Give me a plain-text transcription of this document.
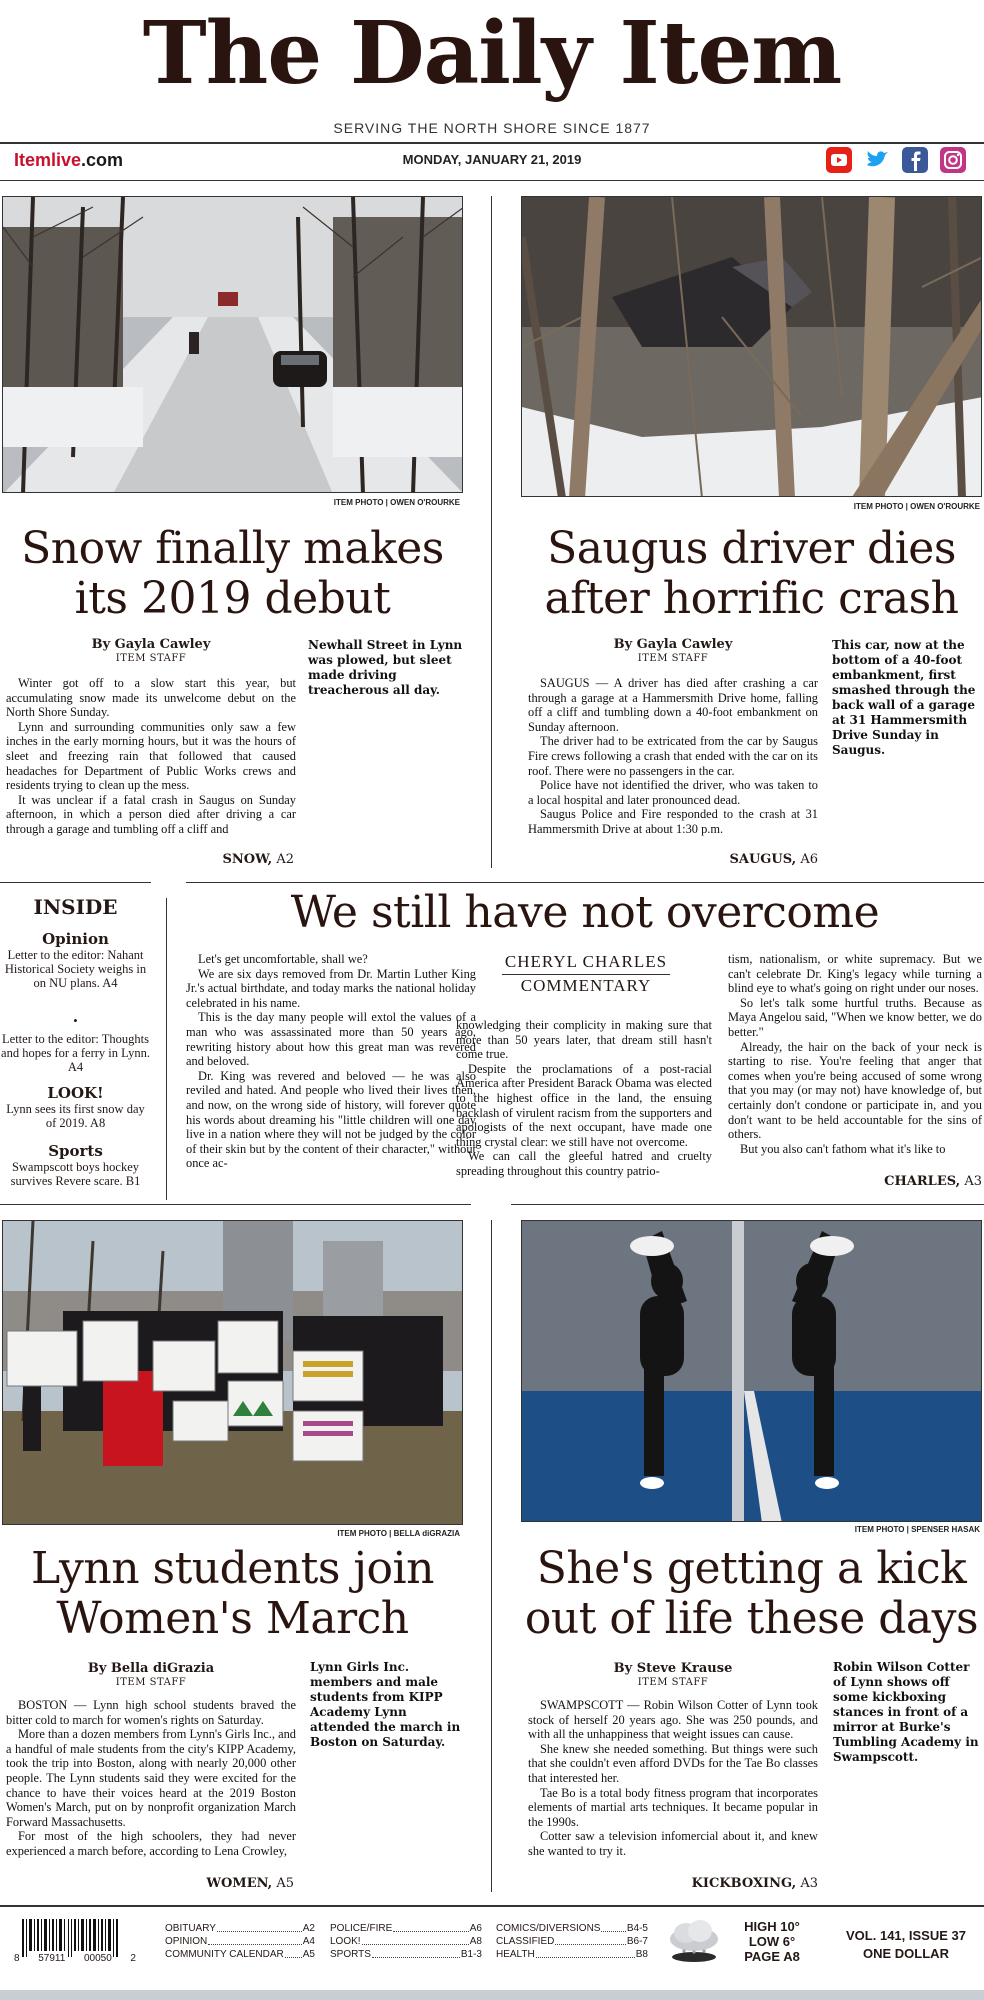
The Daily Item
SERVING THE NORTH SHORE SINCE 1877
Itemlive.com	MONDAY, JANUARY 21, 2019
ITEM PHOTO | OWEN O'ROURKE
Snow finally makes
its 2019 debut
By Gayla Cawley
ITEM STAFF

Winter got off to a slow start this year, but accumulating snow made its unwelcome debut on the North Shore Sunday.

Lynn and surrounding communities only saw a few inches in the early morning hours, but it was the hours of sleet and freezing rain that followed that caused headaches for Department of Public Works crews and residents trying to clean up the mess.

It was unclear if a fatal crash in Saugus on Sunday afternoon, in which a person died after driving a car through a garage and tumbling off a cliff and

Newhall Street in Lynn was plowed, but sleet made driving treacherous all day.
SNOW, A2
ITEM PHOTO | OWEN O'ROURKE
Saugus driver dies
after horrific crash
By Gayla Cawley
ITEM STAFF

SAUGUS — A driver has died after crashing a car through a garage at a Hammersmith Drive home, falling off a cliff and tumbling down a 40-foot embankment on Sunday afternoon.

The driver had to be extricated from the car by Saugus Fire crews following a crash that ended with the car on its roof. There were no passengers in the car.

Police have not identified the driver, who was taken to a local hospital and later pronounced dead.

Saugus Police and Fire responded to the crash at 31 Hammersmith Drive at about 1:30 p.m.

This car, now at the bottom of a 40-foot embankment, first smashed through the back wall of a garage at 31 Hammersmith Drive Sunday in Saugus.
SAUGUS, A6
INSIDE
Opinion
Letter to the editor: Nahant Historical Society weighs in on NU plans. A4
•
Letter to the editor: Thoughts and hopes for a ferry in Lynn. A4
LOOK!
Lynn sees its first snow day of 2019. A8
Sports
Swampscott boys hockey survives Revere scare. B1
We still have not overcome

Let's get uncomfortable, shall we?

We are six days removed from Dr. Martin Luther King Jr.'s actual birthdate, and today marks the national holiday celebrated in his name.

This is the day many people will extol the values of a man who was assassinated more than 50 years ago, rewriting history about how this great man was revered and beloved.

Dr. King was revered and beloved — he was also reviled and hated. And people who lived their lives then, and now, on the wrong side of history, will forever quote his words about dreaming his "little children will one day live in a nation where they will not be judged by the color of their skin but by the content of their character," without once ac-

CHERYL CHARLES
COMMENTARY

knowledging their complicity in making sure that more than 50 years later, that dream still hasn't come true.

Despite the proclamations of a post-racial America after President Barack Obama was elected to the highest office in the land, the ensuing backlash of virulent racism from the supporters and apologists of the next occupant, have made one thing crystal clear: we still have not overcome.

We can call the gleeful hatred and cruelty spreading throughout this country patrio-

tism, nationalism, or white supremacy. But we can't celebrate Dr. King's legacy while turning a blind eye to what's going on right under our noses.

So let's talk some hurtful truths. Because as Maya Angelou said, "When we know better, we do better."

Already, the hair on the back of your neck is starting to rise. You're feeling that anger that comes when you're being accused of some wrong that you may (or may not) have knowledge of, but certainly don't condone or participate in, and you don't want to be held accountable for the sins of others.

But you also can't fathom what it's like to

CHARLES, A3
ITEM PHOTO | BELLA diGRAZIA
Lynn students join
Women's March
By Bella diGrazia
ITEM STAFF

BOSTON — Lynn high school students braved the bitter cold to march for women's rights on Saturday.

More than a dozen members from Lynn's Girls Inc., and a handful of male students from the city's KIPP Academy, took the trip into Boston, along with nearly 20,000 other people. The Lynn students said they were excited for the chance to have their voices heard at the 2019 Boston Women's March, put on by nonprofit organization March Forward Massachusetts.

For most of the high schoolers, they had never experienced a march before, according to Lena Crowley,

Lynn Girls Inc. members and male students from KIPP Academy Lynn attended the march in Boston on Saturday.
WOMEN, A5
ITEM PHOTO | SPENSER HASAK
She's getting a kick
out of life these days
By Steve Krause
ITEM STAFF

SWAMPSCOTT — Robin Wilson Cotter of Lynn took stock of herself 20 years ago. She was 250 pounds, and with all the unhappiness that weight issues can cause.

She knew she needed something. But things were such that she couldn't even afford DVDs for the Tae Bo classes that interested her.

Tae Bo is a total body fitness program that incorporates elements of martial arts techniques. It became popular in the 1990s.

Cotter saw a television infomercial about it, and knew she wanted to try it.

Robin Wilson Cotter of Lynn shows off some kickboxing stances in front of a mirror at Burke's Tumbling Academy in Swampscott.
KICKBOXING, A3
8 57911 00050 2
OBITUARY	A2
OPINION	A4
COMMUNITY CALENDAR A5
POLICE/FIRE	A6
LOOK!	A8
SPORTS	B1-3
COMICS/DIVERSIONS	B4-5
CLASSIFIED	B6-7
HEALTH	B8
HIGH 10°
LOW 6°
PAGE A8
VOL. 141, ISSUE 37
ONE DOLLAR
